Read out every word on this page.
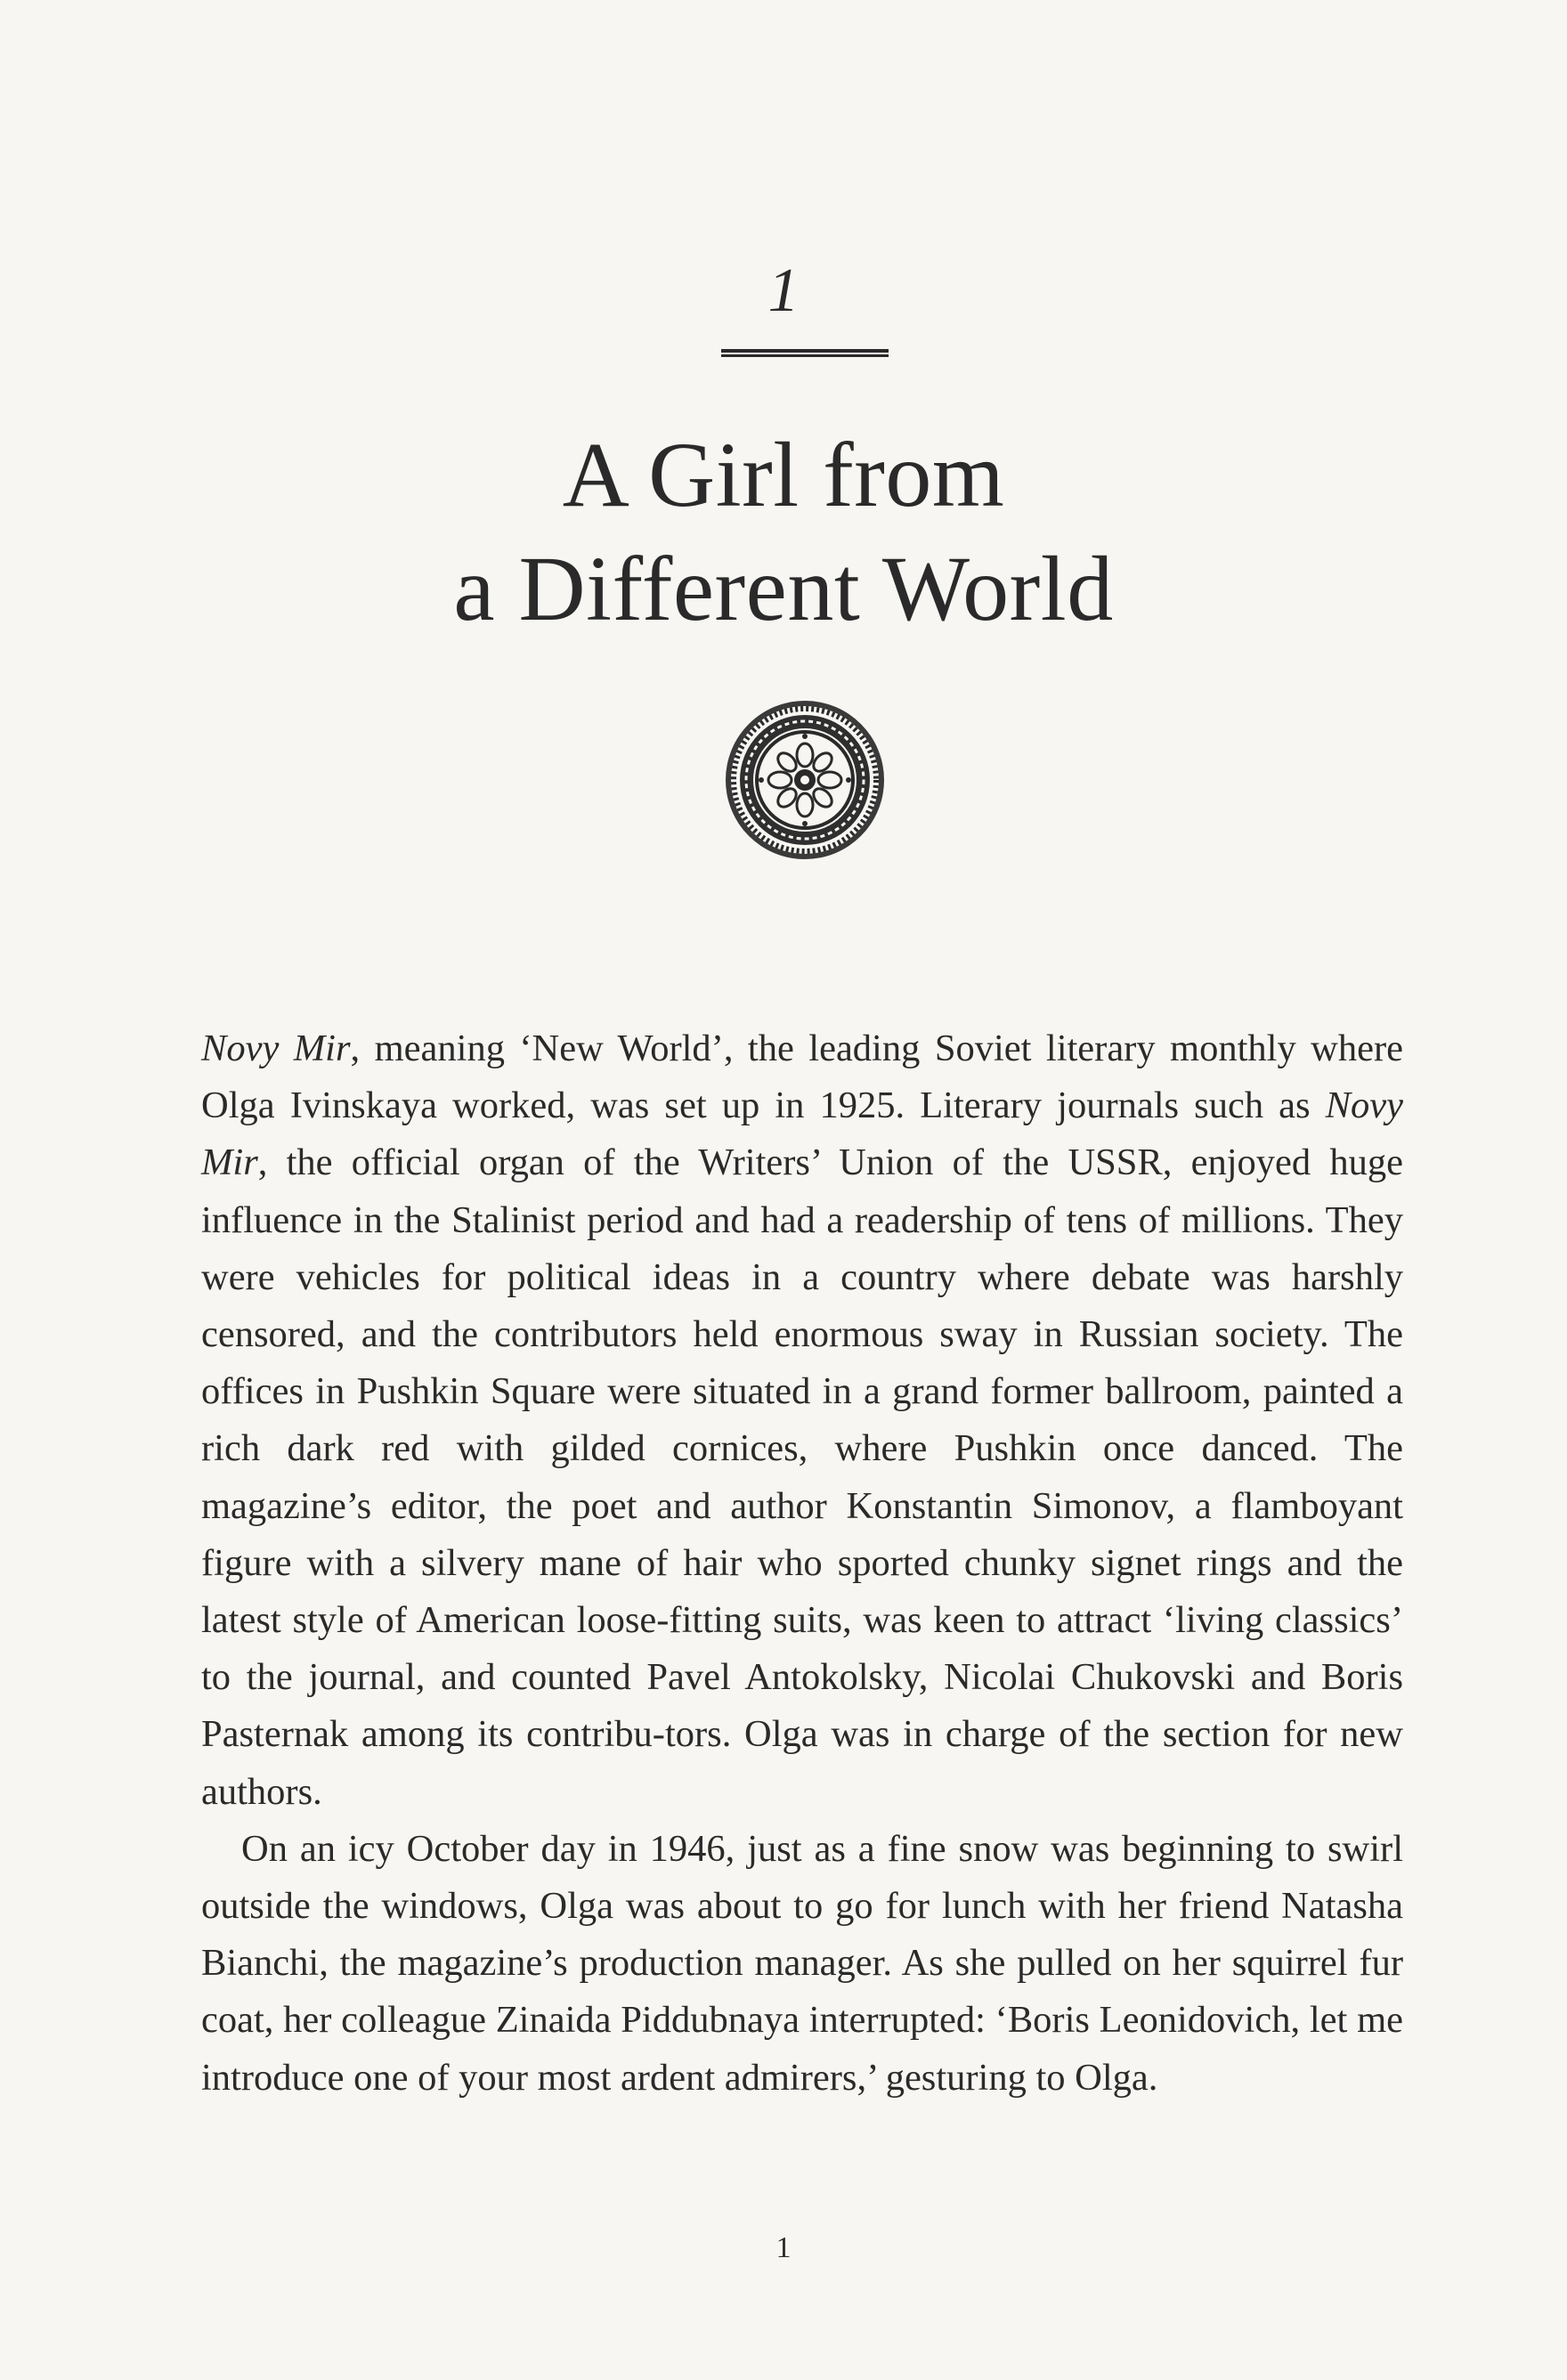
1
A Girl from
a Different World

Novy Mir, meaning ‘New World’, the leading Soviet literary monthly where Olga Ivinskaya worked, was set up in 1925. Literary journals such as Novy Mir, the official organ of the Writers’ Union of the USSR, enjoyed huge influence in the Stalinist period and had a readership of tens of millions. They were vehicles for political ideas in a country where debate was harshly censored, and the contributors held enormous sway in Russian society. The offices in Pushkin Square were situated in a grand former ballroom, painted a rich dark red with gilded cornices, where Pushkin once danced. The magazine’s editor, the poet and author Konstantin Simonov, a flamboyant figure with a silvery mane of hair who sported chunky signet rings and the latest style of American loose-fitting suits, was keen to attract ‘living classics’ to the journal, and counted Pavel Antokolsky, Nicolai Chukovski and Boris Pasternak among its contribu-tors. Olga was in charge of the section for new authors.

On an icy October day in 1946, just as a fine snow was beginning to swirl outside the windows, Olga was about to go for lunch with her friend Natasha Bianchi, the magazine’s production manager. As she pulled on her squirrel fur coat, her colleague Zinaida Piddubnaya interrupted: ‘Boris Leonidovich, let me introduce one of your most ardent admirers,’ gesturing to Olga.

1
